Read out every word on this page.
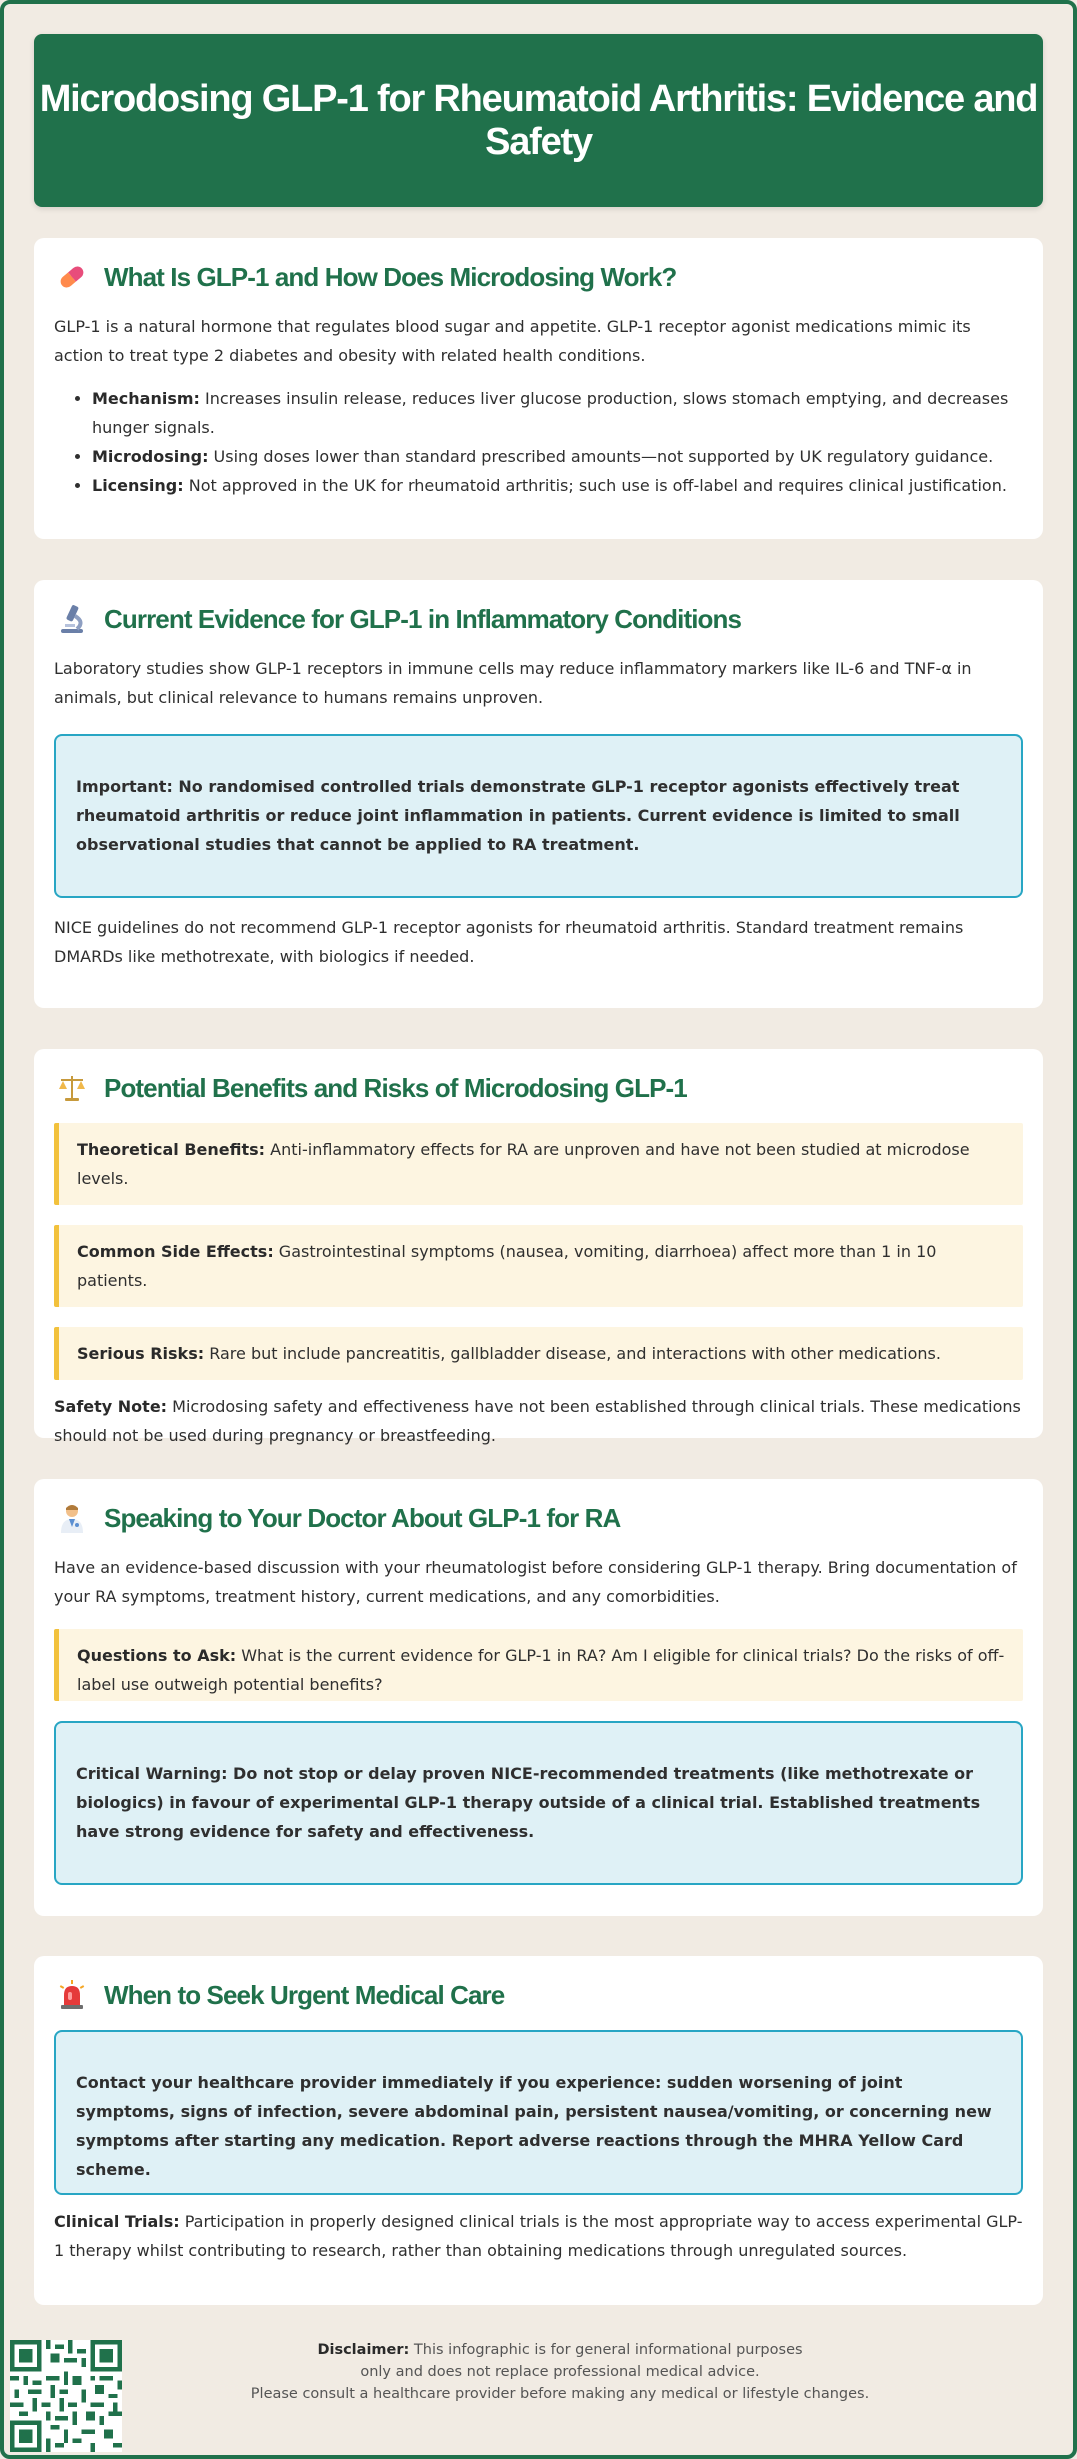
Microdosing GLP-1 for Rheumatoid Arthritis: Evidence and Safety
What Is GLP-1 and How Does Microdosing Work?

GLP-1 is a natural hormone that regulates blood sugar and appetite. GLP-1 receptor agonist medications mimic its action to treat type 2 diabetes and obesity with related health conditions.

• Mechanism: Increases insulin release, reduces liver glucose production, slows stomach emptying, and decreases hunger signals.
• Microdosing: Using doses lower than standard prescribed amounts—not supported by UK regulatory guidance.
• Licensing: Not approved in the UK for rheumatoid arthritis; such use is off-label and requires clinical justification.
Current Evidence for GLP-1 in Inflammatory Conditions

Laboratory studies show GLP-1 receptors in immune cells may reduce inflammatory markers like IL-6 and TNF-α in animals, but clinical relevance to humans remains unproven.

Important: No randomised controlled trials demonstrate GLP-1 receptor agonists effectively treat rheumatoid arthritis or reduce joint inflammation in patients. Current evidence is limited to small observational studies that cannot be applied to RA treatment.

NICE guidelines do not recommend GLP-1 receptor agonists for rheumatoid arthritis. Standard treatment remains DMARDs like methotrexate, with biologics if needed.

Potential Benefits and Risks of Microdosing GLP-1
Theoretical Benefits: Anti-inflammatory effects for RA are unproven and have not been studied at microdose levels.
Common Side Effects: Gastrointestinal symptoms (nausea, vomiting, diarrhoea) affect more than 1 in 10 patients.
Serious Risks: Rare but include pancreatitis, gallbladder disease, and interactions with other medications.

Safety Note: Microdosing safety and effectiveness have not been established through clinical trials. These medications should not be used during pregnancy or breastfeeding.

Speaking to Your Doctor About GLP-1 for RA

Have an evidence-based discussion with your rheumatologist before considering GLP-1 therapy. Bring documentation of your RA symptoms, treatment history, current medications, and any comorbidities.

Questions to Ask: What is the current evidence for GLP-1 in RA? Am I eligible for clinical trials? Do the risks of off-label use outweigh potential benefits?
Critical Warning: Do not stop or delay proven NICE-recommended treatments (like methotrexate or biologics) in favour of experimental GLP-1 therapy outside of a clinical trial. Established treatments have strong evidence for safety and effectiveness.
When to Seek Urgent Medical Care
Contact your healthcare provider immediately if you experience: sudden worsening of joint symptoms, signs of infection, severe abdominal pain, persistent nausea/vomiting, or concerning new symptoms after starting any medication. Report adverse reactions through the MHRA Yellow Card scheme.

Clinical Trials: Participation in properly designed clinical trials is the most appropriate way to access experimental GLP-1 therapy whilst contributing to research, rather than obtaining medications through unregulated sources.

Disclaimer: This infographic is for general informational purposes
only and does not replace professional medical advice.
Please consult a healthcare provider before making any medical or lifestyle changes.
